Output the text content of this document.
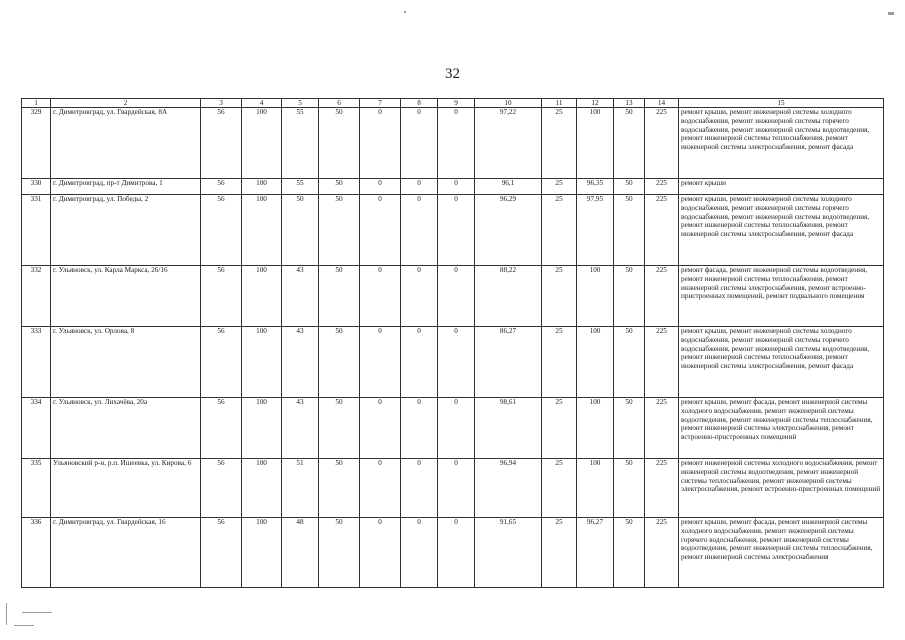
32
1	2	3	4	5	6	7	8	9	10	11	12	13	14	15
329	г. Димитровград, ул. Гвардейская, 8А	56	100	55	50	0	0	0	97,22	25	100	50	225	ремонт крыши, ремонт инженерной системы холодного водоснабжения, ремонт инженерной системы горячего водоснабжения, ремонт инженерной системы водоотведения, ремонт инженерной системы теплоснабжения, ремонт инженерной системы электроснабжения, ремонт фасада
330	г. Димитровград, пр-т Димитрова, 1	56	100	55	50	0	0	0	96,1	25	96,35	50	225	ремонт крыши
331	г. Димитровград, ул. Победы, 2	56	100	50	50	0	0	0	96,29	25	97,95	50	225	ремонт крыши, ремонт инженерной системы холодного водоснабжения, ремонт инженерной системы горячего водоснабжения, ремонт инженерной системы водоотведения, ремонт инженерной системы теплоснабжения, ремонт инженерной системы электроснабжения, ремонт фасада
332	г. Ульяновск, ул. Карла Маркса, 26/16	56	100	43	50	0	0	0	88,22	25	100	50	225	ремонт фасада, ремонт инженерной системы водоотведения, ремонт инженерной системы теплоснабжения, ремонт инженерной системы электроснабжения, ремонт встроенно-пристроенных помещений, ремонт подвального помещения
333	г. Ульяновск, ул. Орлова, 8	56	100	43	50	0	0	0	86,27	25	100	50	225	ремонт крыши, ремонт инженерной системы холодного водоснабжения, ремонт инженерной системы горячего водоснабжения, ремонт инженерной системы водоотведения, ремонт инженерной системы теплоснабжения, ремонт инженерной системы электроснабжения, ремонт фасада
334	г. Ульяновск, ул. Лихачёва, 20а	56	100	43	50	0	0	0	98,61	25	100	50	225	ремонт крыши, ремонт фасада, ремонт инженерной системы холодного водоснабжения, ремонт инженерной системы водоотведения, ремонт инженерной системы теплоснабжения, ремонт инженерной системы электроснабжения, ремонт встроенно-пристроенных помещений
335	Ульяновский р-н, р.п. Ишеевка, ул. Кирова, 6	56	100	51	50	0	0	0	96,94	25	100	50	225	ремонт инженерной системы холодного водоснабжения, ремонт инженерной системы водоотведения, ремонт инженерной системы теплоснабжения, ремонт инженерной системы электроснабжения, ремонт встроенно-пристроенных помещений
336	г. Димитровград, ул. Гвардейская, 16	56	100	48	50	0	0	0	91,65	25	96,27	50	225	ремонт крыши, ремонт фасада, ремонт инженерной системы холодного водоснабжения, ремонт инженерной системы горячего водоснабжения, ремонт инженерной системы водоотведения, ремонт инженерной системы теплоснабжения, ремонт инженерной системы электроснабжения
